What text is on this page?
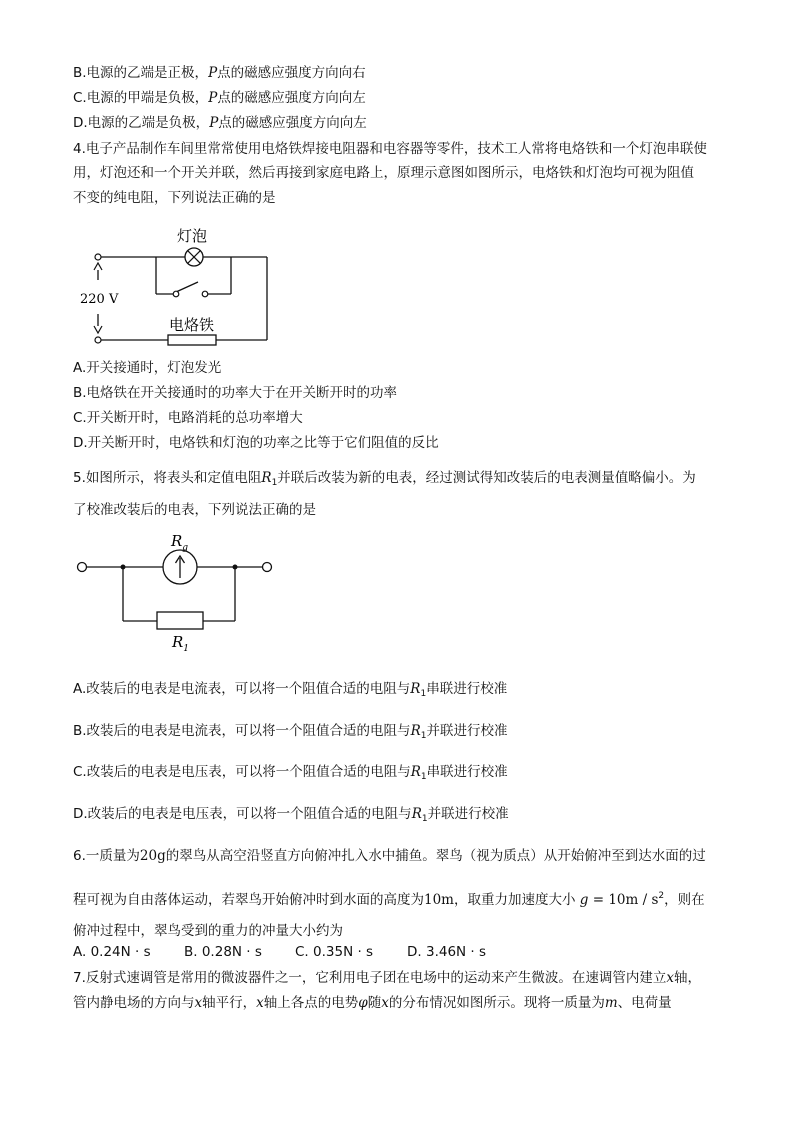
B.电源的乙端是正极，P点的磁感应强度方向向右
C.电源的甲端是负极，P点的磁感应强度方向向左
D.电源的乙端是负极，P点的磁感应强度方向向左
4.电子产品制作车间里常常使用电烙铁焊接电阻器和电容器等零件，技术工人常将电烙铁和一个灯泡串联使
用，灯泡还和一个开关并联，然后再接到家庭电路上，原理示意图如图所示，电烙铁和灯泡均可视为阻值
不变的纯电阻，下列说法正确的是
灯泡
220 V
电烙铁
A.开关接通时，灯泡发光
B.电烙铁在开关接通时的功率大于在开关断开时的功率
C.开关断开时，电路消耗的总功率增大
D.开关断开时，电烙铁和灯泡的功率之比等于它们阻值的反比
5.如图所示，将表头和定值电阻$R_1$并联后改装为新的电表，经过测试得知改装后的电表测量值略偏小。为
了校准改装后的电表，下列说法正确的是
$R_g$
$R_1$
A.改装后的电表是电流表，可以将一个阻值合适的电阻与$R_1$串联进行校准
B.改装后的电表是电流表，可以将一个阻值合适的电阻与$R_1$并联进行校准
C.改装后的电表是电压表，可以将一个阻值合适的电阻与$R_1$串联进行校准
D.改装后的电表是电压表，可以将一个阻值合适的电阻与$R_1$并联进行校准
6.一质量为20g的翠鸟从高空沿竖直方向俯冲扎入水中捕鱼。翠鸟（视为质点）从开始俯冲至到达水面的过
程可视为自由落体运动，若翠鸟开始俯冲时到水面的高度为10m，取重力加速度大小 $g = 10m / s^2$，则在
俯冲过程中，翠鸟受到的重力的冲量大小约为
A. 0.24N · s B. 0.28N · s C. 0.35N · s	D. 3.46N · s
7.反射式速调管是常用的微波器件之一，它利用电子团在电场中的运动来产生微波。在速调管内建立x轴，
管内静电场的方向与x轴平行，x轴上各点的电势φ随x的分布情况如图所示。现将一质量为m、电荷量
